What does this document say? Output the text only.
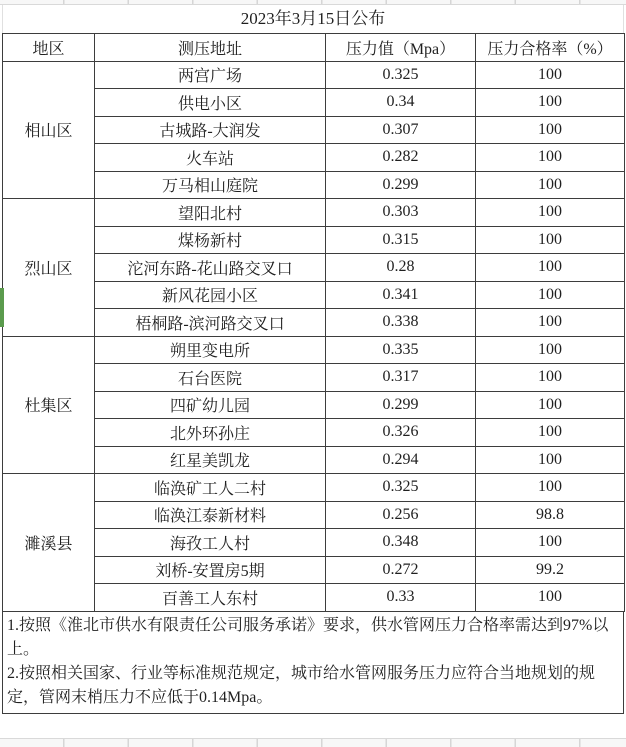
2023年3月15日公布
地区	测压地址	压力值（Mpa）	压力合格率（%）
相山区	两宫广场	0.325	100
	供电小区	0.34	100
	古城路-大润发	0.307	100
	火车站	0.282	100
	万马相山庭院	0.299	100
烈山区	望阳北村	0.303	100
	煤杨新村	0.315	100
	沱河东路-花山路交叉口	0.28	100
	新风花园小区	0.341	100
	梧桐路-滨河路交叉口	0.338	100
杜集区	朔里变电所	0.335	100
	石台医院	0.317	100
	四矿幼儿园	0.299	100
	北外环孙庄	0.326	100
	红星美凯龙	0.294	100
濉溪县	临涣矿工人二村	0.325	100
	临涣江泰新材料	0.256	98.8
	海孜工人村	0.348	100
	刘桥-安置房5期	0.272	99.2
	百善工人东村	0.33	100

1.按照《淮北市供水有限责任公司服务承诺》要求，供水管网压力合格率需达到97%以上。

2.按照相关国家、行业等标准规范规定，城市给水管网服务压力应符合当地规划的规定，管网末梢压力不应低于0.14Mpa。
